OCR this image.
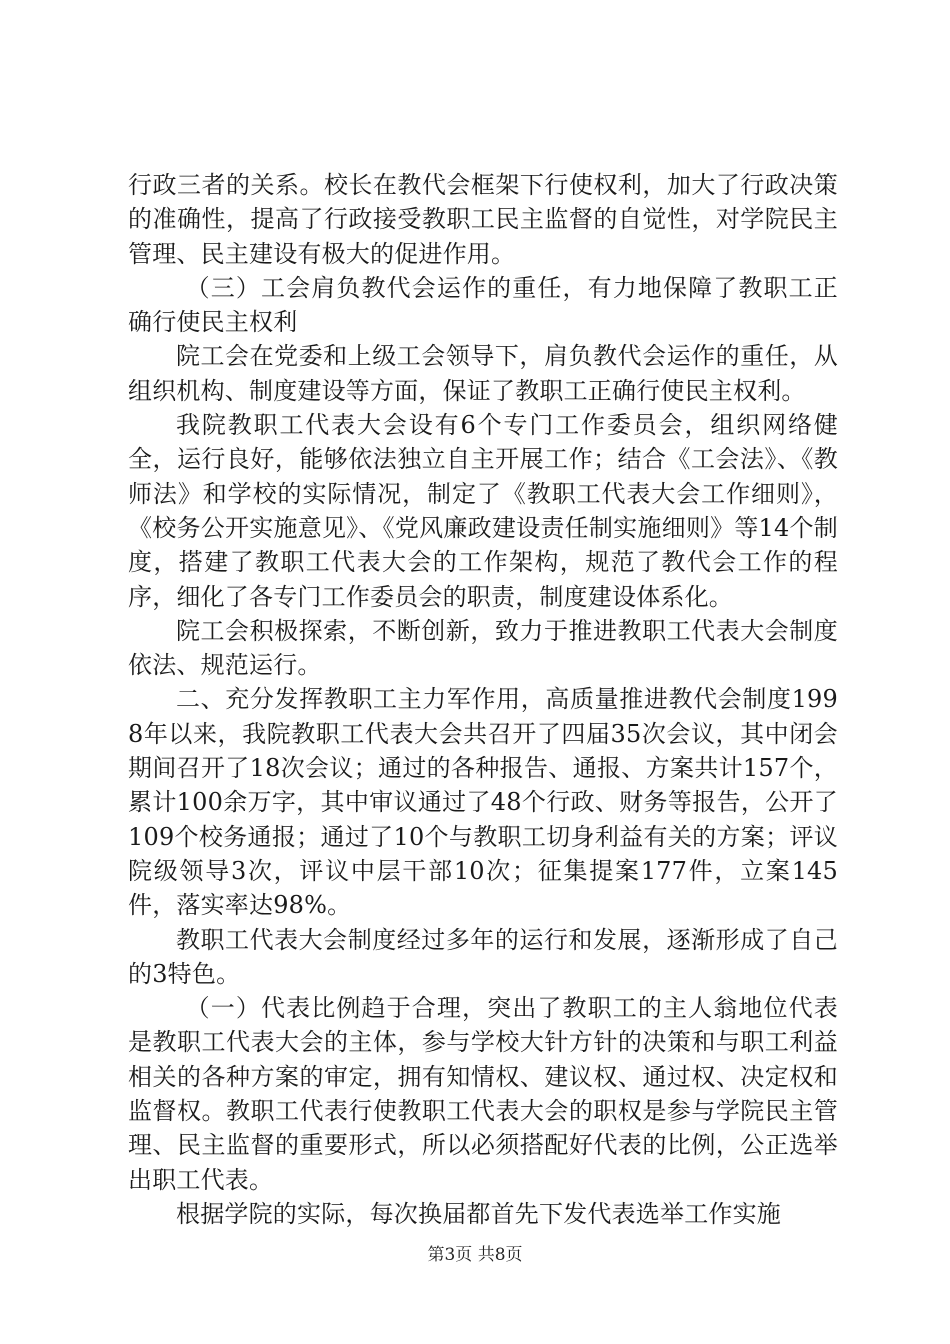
行政三者的关系。校长在教代会框架下行使权利，加大了行政决策的准确性，提高了行政接受教职工民主监督的自觉性，对学院民主管理、民主建设有极大的促进作用。

（三）工会肩负教代会运作的重任，有力地保障了教职工正确行使民主权利

院工会在党委和上级工会领导下，肩负教代会运作的重任，从组织机构、制度建设等方面，保证了教职工正确行使民主权利。

我院教职工代表大会设有6个专门工作委员会，组织网络健全，运行良好，能够依法独立自主开展工作；结合《工会法》、《教师法》和学校的实际情况，制定了《教职工代表大会工作细则》，《校务公开实施意见》、《党风廉政建设责任制实施细则》等14个制度，搭建了教职工代表大会的工作架构，规范了教代会工作的程序，细化了各专门工作委员会的职责，制度建设体系化。

院工会积极探索，不断创新，致力于推进教职工代表大会制度依法、规范运行。

二、充分发挥教职工主力军作用，高质量推进教代会制度1998年以来，我院教职工代表大会共召开了四届35次会议，其中闭会期间召开了18次会议；通过的各种报告、通报、方案共计157个，累计100余万字，其中审议通过了48个行政、财务等报告，公开了109个校务通报；通过了10个与教职工切身利益有关的方案；评议院级领导3次，评议中层干部10次；征集提案177件，立案145件，落实率达98%。

教职工代表大会制度经过多年的运行和发展，逐渐形成了自己的3特色。

（一）代表比例趋于合理，突出了教职工的主人翁地位代表是教职工代表大会的主体，参与学校大针方针的决策和与职工利益相关的各种方案的审定，拥有知情权、建议权、通过权、决定权和监督权。教职工代表行使教职工代表大会的职权是参与学院民主管理、民主监督的重要形式，所以必须搭配好代表的比例，公正选举出职工代表。

根据学院的实际，每次换届都首先下发代表选举工作实施

第3页 共8页
